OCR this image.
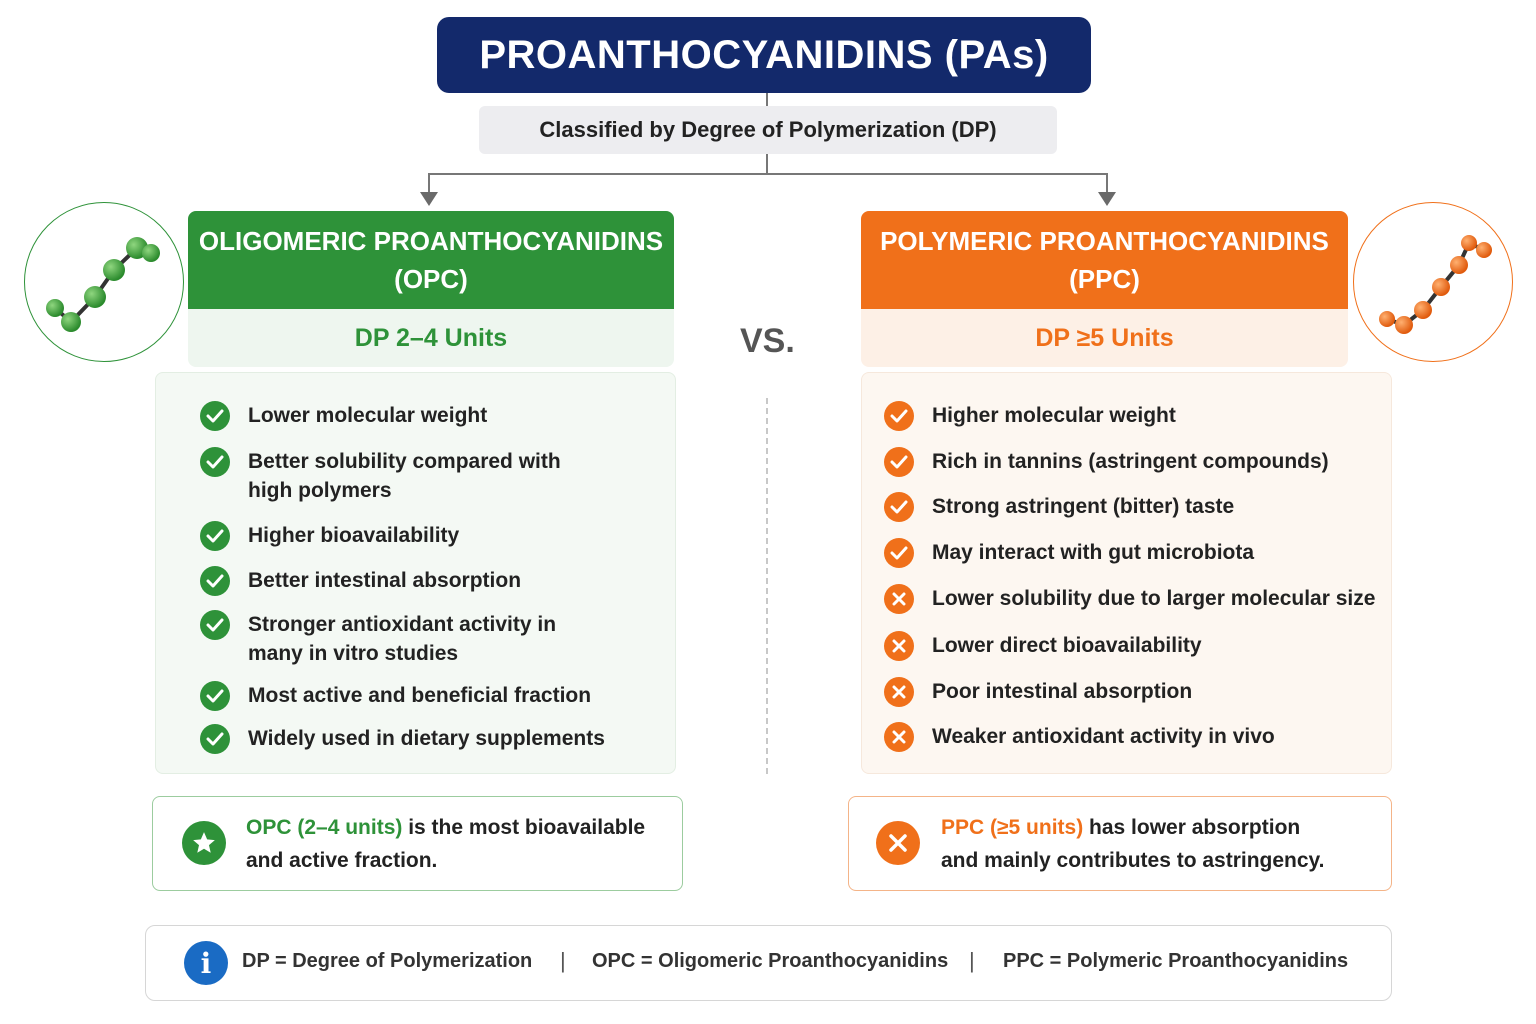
PROANTHOCYANIDINS (PAs)
Classified by Degree of Polymerization (DP)
OLIGOMERIC PROANTHOCYANIDINS
(OPC)
DP 2–4 Units
POLYMERIC PROANTHOCYANIDINS
(PPC)
DP ≥5 Units
VS.
Lower molecular weight
Better solubility compared with
high polymers
Higher bioavailability
Better intestinal absorption
Stronger antioxidant activity in
many in vitro studies
Most active and beneficial fraction
Widely used in dietary supplements
Higher molecular weight
Rich in tannins (astringent compounds)
Strong astringent (bitter) taste
May interact with gut microbiota
Lower solubility due to larger molecular size
Lower direct bioavailability
Poor intestinal absorption
Weaker antioxidant activity in vivo
OPC (2–4 units) is the most bioavailable
and active fraction.
PPC (≥5 units) has lower absorption
and mainly contributes to astringency.
i	DP = Degree of Polymerization | OPC = Oligomeric Proanthocyanidins | PPC = Polymeric Proanthocyanidins
